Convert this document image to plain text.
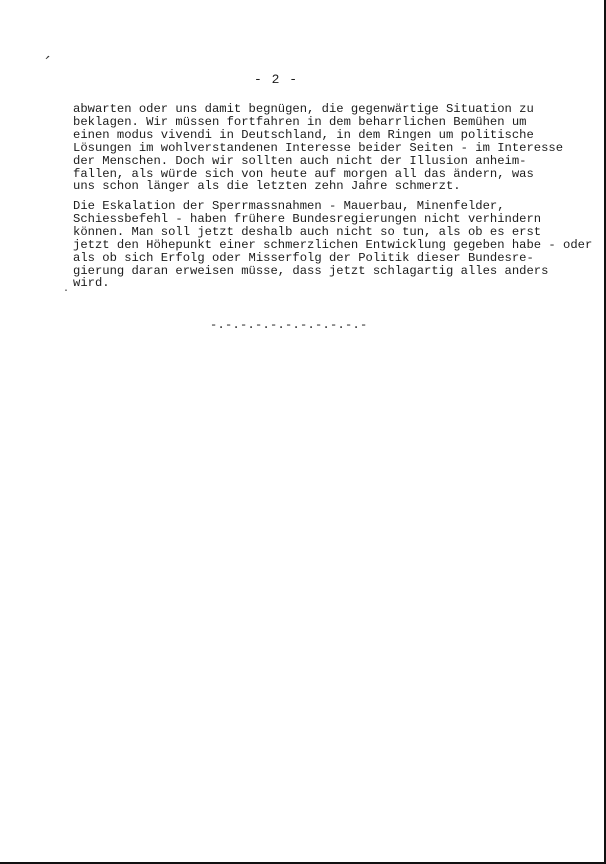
,
- 2 -
abwarten oder uns damit begnügen, die gegenwärtige Situation zu
beklagen. Wir müssen fortfahren in dem beharrlichen Bemühen um
einen modus vivendi in Deutschland, in dem Ringen um politische
Lösungen im wohlverstandenen Interesse beider Seiten - im Interesse
der Menschen. Doch wir sollten auch nicht der Illusion anheim-
fallen, als würde sich von heute auf morgen all das ändern, was
uns schon länger als die letzten zehn Jahre schmerzt.
Die Eskalation der Sperrmassnahmen - Mauerbau, Minenfelder,
Schiessbefehl - haben frühere Bundesregierungen nicht verhindern
können. Man soll jetzt deshalb auch nicht so tun, als ob es erst
jetzt den Höhepunkt einer schmerzlichen Entwicklung gegeben habe - oder
als ob sich Erfolg oder Misserfolg der Politik dieser Bundesre-
gierung daran erweisen müsse, dass jetzt schlagartig alles anders
wird.
·
-.-.-.-.-.-.-.-.-.-.-
